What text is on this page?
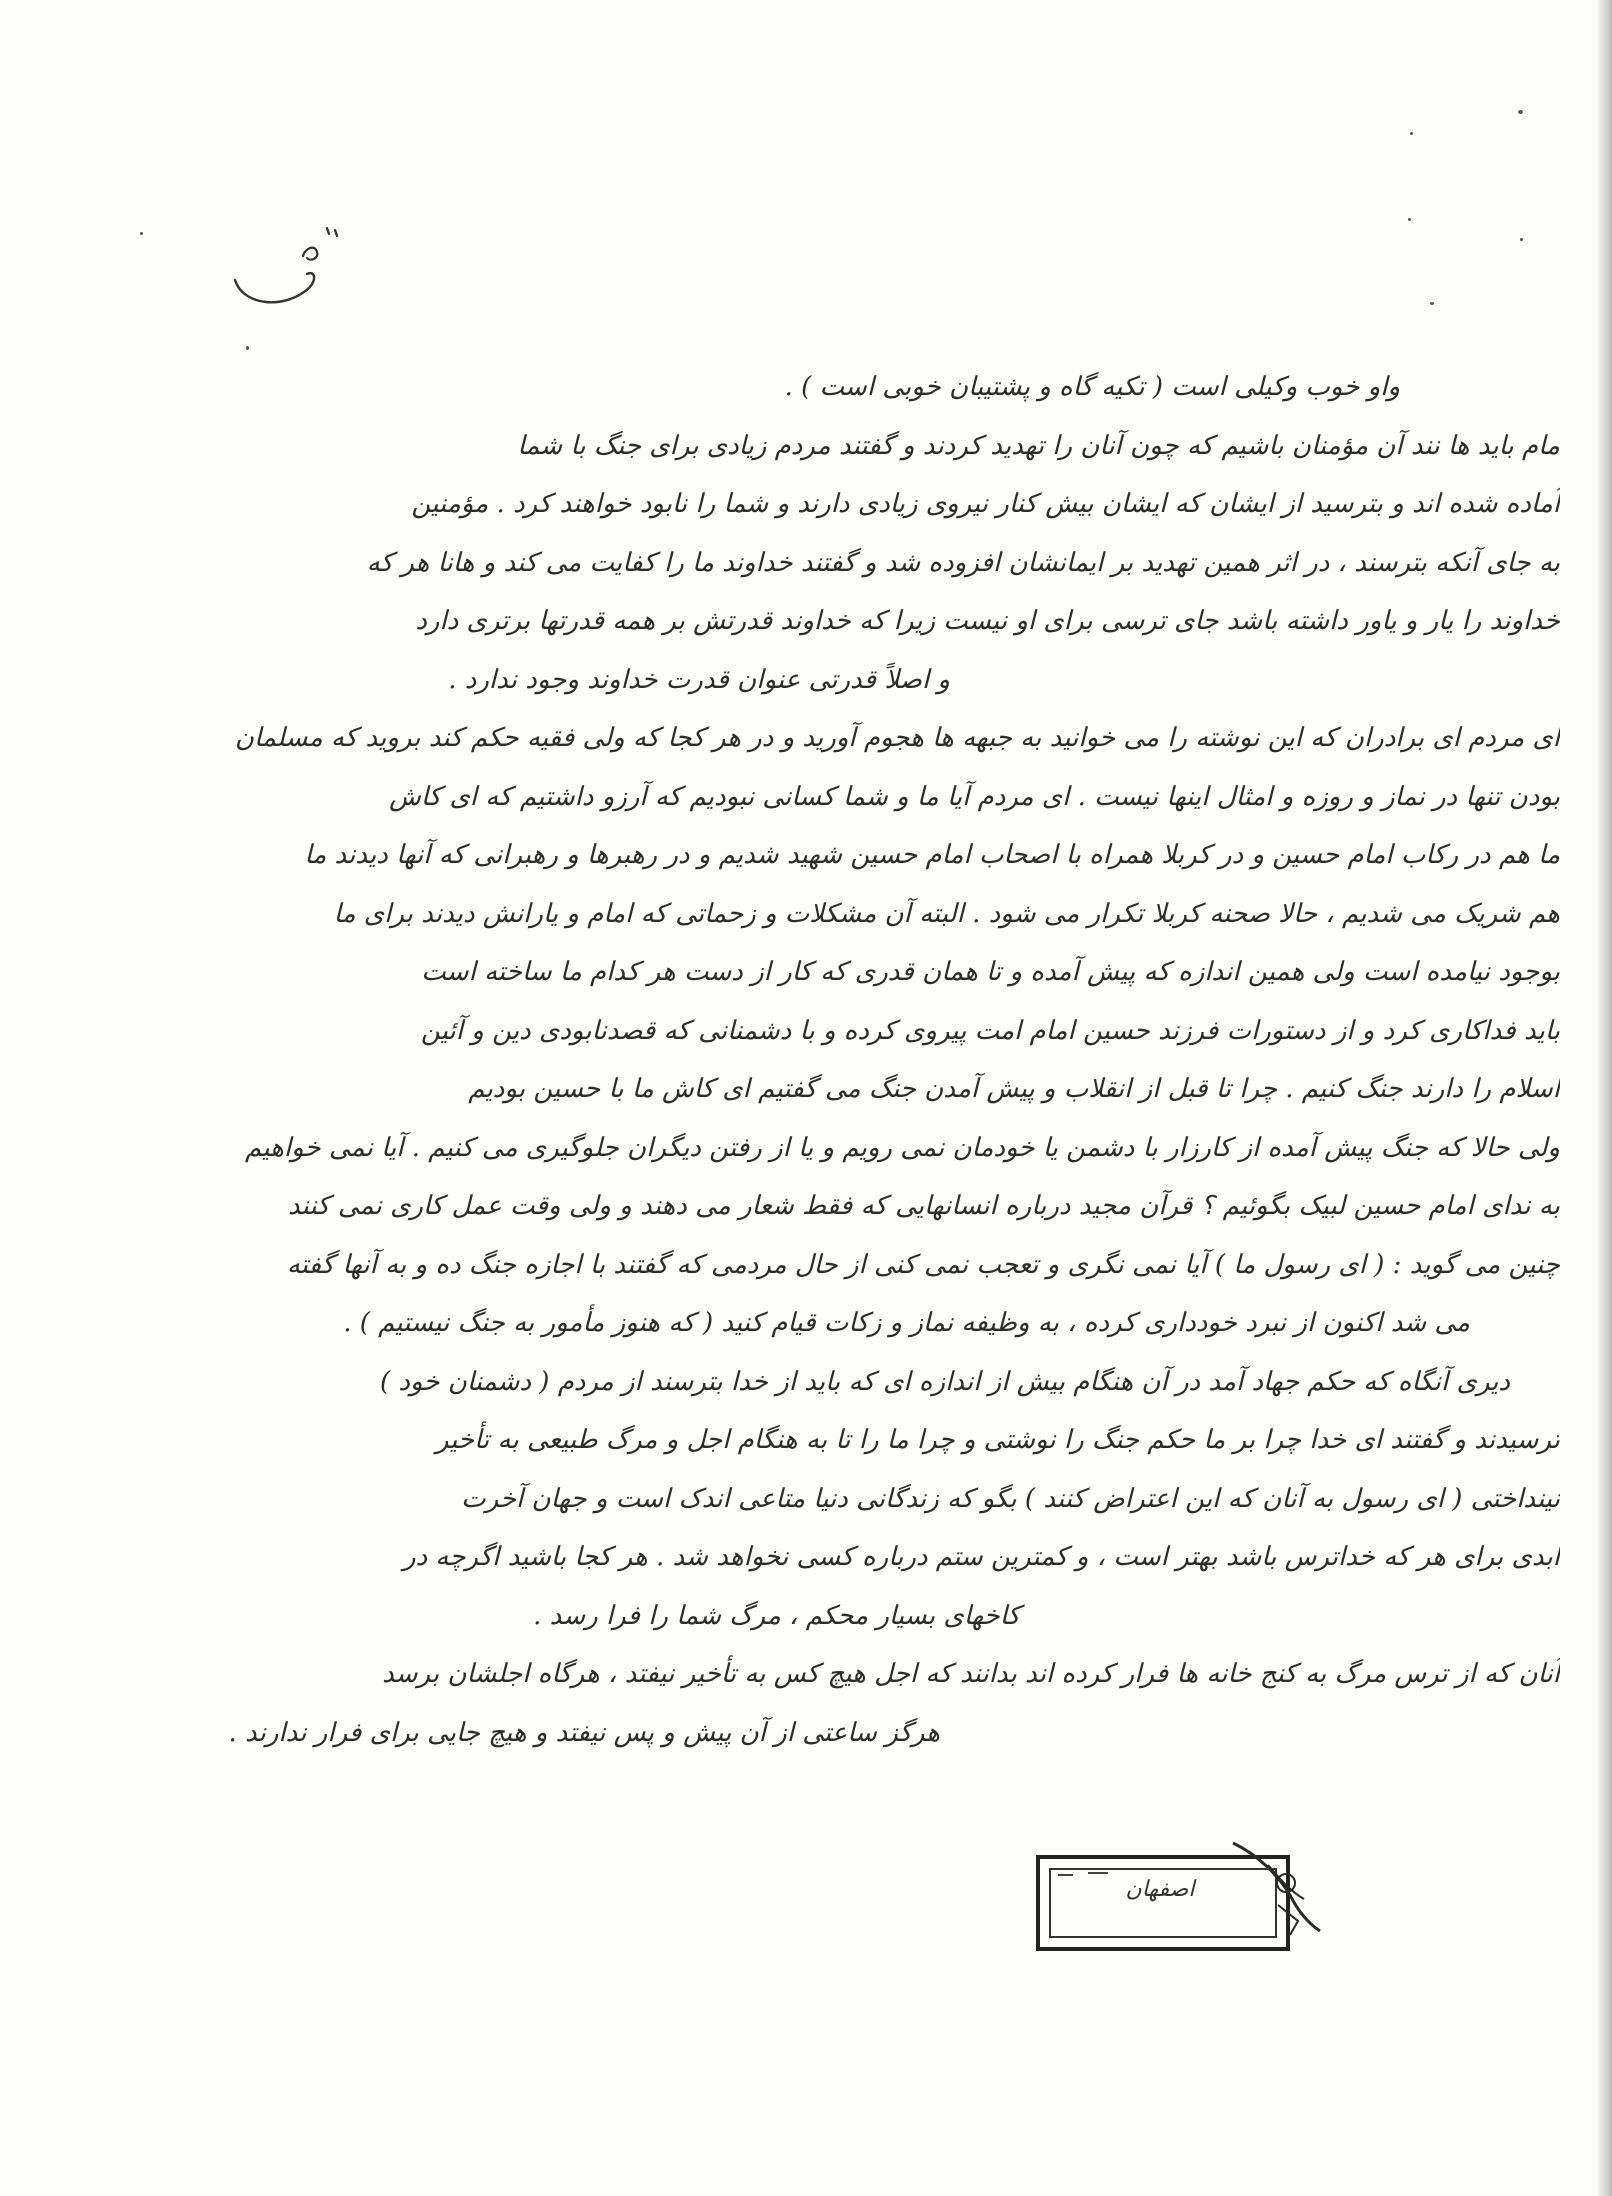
واو خوب وکیلی است ( تکیه گاه و پشتیبان خوبی است ) .
مام باید ها نند آن مؤمنان باشیم که چون آنان را تهدید کردند و گفتند مردم زیادی برای جنگ با شما
آماده شده اند و بترسید از ایشان که ایشان بیش کنار نیروی زیادی دارند و شما را نابود خواهند کرد . مؤمنین
به جای آنکه بترسند ، در اثر همین تهدید بر ایمانشان افزوده شد و گفتند خداوند ما را کفایت می کند و هانا هر که
خداوند را یار و یاور داشته باشد جای ترسی برای او نیست زیرا که خداوند قدرتش بر همه قدرتها برتری دارد
و اصلاً قدرتی عنوان قدرت خداوند وجود ندارد .
ای مردم ای برادران که این نوشته را می خوانید به جبهه ها هجوم آورید و در هر کجا که ولی فقیه حکم کند بروید که مسلمان
بودن تنها در نماز و روزه و امثال اینها نیست . ای مردم آیا ما و شما کسانی نبودیم که آرزو داشتیم که ای کاش
ما هم در رکاب امام حسین و در کربلا همراه با اصحاب امام حسین شهید شدیم و در رهبرها و رهبرانی که آنها دیدند ما
هم شریک می شدیم ، حالا صحنه کربلا تکرار می شود . البته آن مشکلات و زحماتی که امام و یارانش دیدند برای ما
بوجود نیامده است ولی همین اندازه که پیش آمده و تا همان قدری که کار از دست هر کدام ما ساخته است
باید فداکاری کرد و از دستورات فرزند حسین امام امت پیروی کرده و با دشمنانی که قصدنابودی دین و آئین
اسلام را دارند جنگ کنیم . چرا تا قبل از انقلاب و پیش آمدن جنگ می گفتیم ای کاش ما با حسین بودیم
ولی حالا که جنگ پیش آمده از کارزار با دشمن یا خودمان نمی رویم و یا از رفتن دیگران جلوگیری می کنیم . آیا نمی خواهیم
به ندای امام حسین لبیک بگوئیم ؟ قرآن مجید درباره انسانهایی که فقط شعار می دهند و ولی وقت عمل کاری نمی کنند
چنین می گوید : ( ای رسول ما ) آیا نمی نگری و تعجب نمی کنی از حال مردمی که گفتند با اجازه جنگ ده و به آنها گفته
می شد اکنون از نبرد خودداری کرده ، به وظیفه نماز و زکات قیام کنید ( که هنوز مأمور به جنگ نیستیم ) .
دیری آنگاه که حکم جهاد آمد در آن هنگام بیش از اندازه ای که باید از خدا بترسند از مردم ( دشمنان خود )
ترسیدند و گفتند ای خدا چرا بر ما حکم جنگ را نوشتی و چرا ما را تا به هنگام اجل و مرگ طبیعی به تأخیر
نینداختی ( ای رسول به آنان که این اعتراض کنند ) بگو که زندگانی دنیا متاعی اندک است و جهان آخرت
ابدی برای هر که خداترس باشد بهتر است ، و کمترین ستم درباره کسی نخواهد شد . هر کجا باشید اگرچه در
کاخهای بسیار محکم ، مرگ شما را فرا رسد .
آنان که از ترس مرگ به کنج خانه ها فرار کرده اند بدانند که اجل هیچ کس به تأخیر نیفتد ، هرگاه اجلشان برسد
هرگز ساعتی از آن پیش و پس نیفتد و هیچ جایی برای فرار ندارند .
اصفهان
